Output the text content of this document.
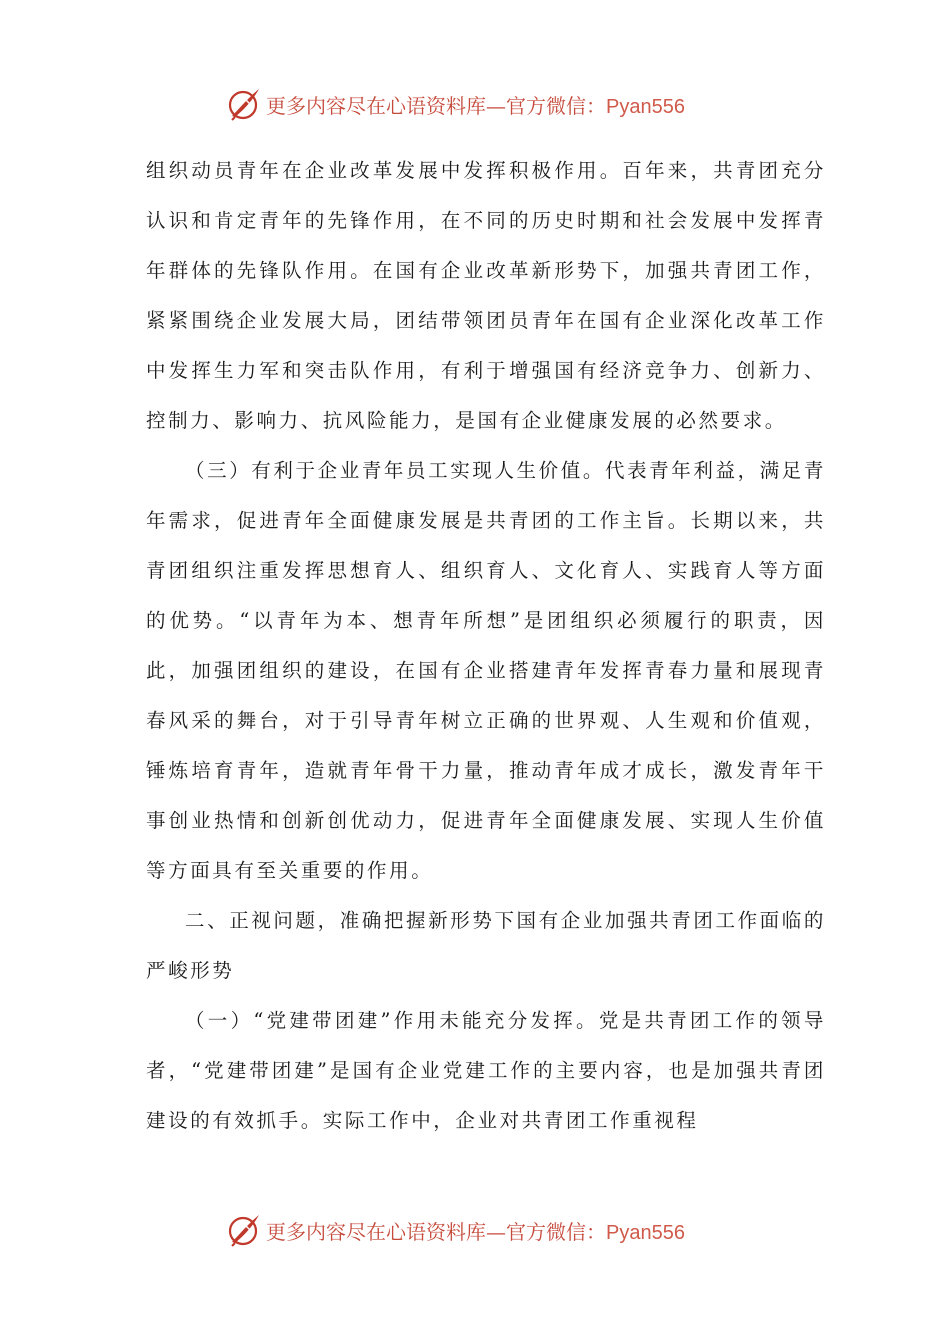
更多内容尽在心语资料库—官方微信：Pyan556

组织动员青年在企业改革发展中发挥积极作用。百年来，共青团充分认识和肯定青年的先锋作用，在不同的历史时期和社会发展中发挥青年群体的先锋队作用。在国有企业改革新形势下，加强共青团工作，紧紧围绕企业发展大局，团结带领团员青年在国有企业深化改革工作中发挥生力军和突击队作用，有利于增强国有经济竞争力、创新力、控制力、影响力、抗风险能力，是国有企业健康发展的必然要求。

（三）有利于企业青年员工实现人生价值。代表青年利益，满足青年需求，促进青年全面健康发展是共青团的工作主旨。长期以来，共青团组织注重发挥思想育人、组织育人、文化育人、实践育人等方面的优势。“以青年为本、想青年所想”是团组织必须履行的职责，因此，加强团组织的建设，在国有企业搭建青年发挥青春力量和展现青春风采的舞台，对于引导青年树立正确的世界观、人生观和价值观，锤炼培育青年，造就青年骨干力量，推动青年成才成长，激发青年干事创业热情和创新创优动力，促进青年全面健康发展、实现人生价值等方面具有至关重要的作用。

二、正视问题，准确把握新形势下国有企业加强共青团工作面临的严峻形势

（一）“党建带团建”作用未能充分发挥。党是共青团工作的领导者，“党建带团建”是国有企业党建工作的主要内容，也是加强共青团建设的有效抓手。实际工作中，企业对共青团工作重视程

更多内容尽在心语资料库—官方微信：Pyan556
